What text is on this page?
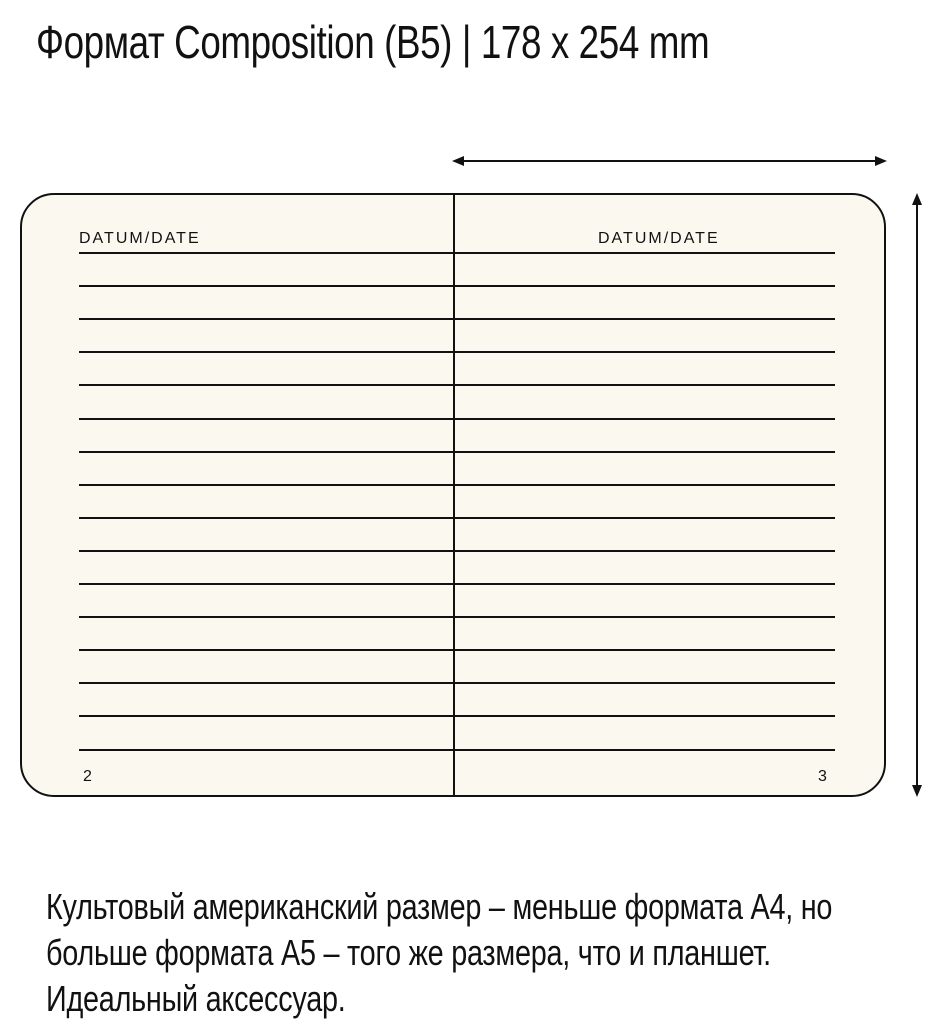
Формат Composition (B5) | 178 x 254 mm
DATUM/DATE	DATUM/DATE
2	3

Культовый американский размер – меньше формата А4, но больше формата А5 – того же размера, что и планшет. Идеальный аксессуар.
